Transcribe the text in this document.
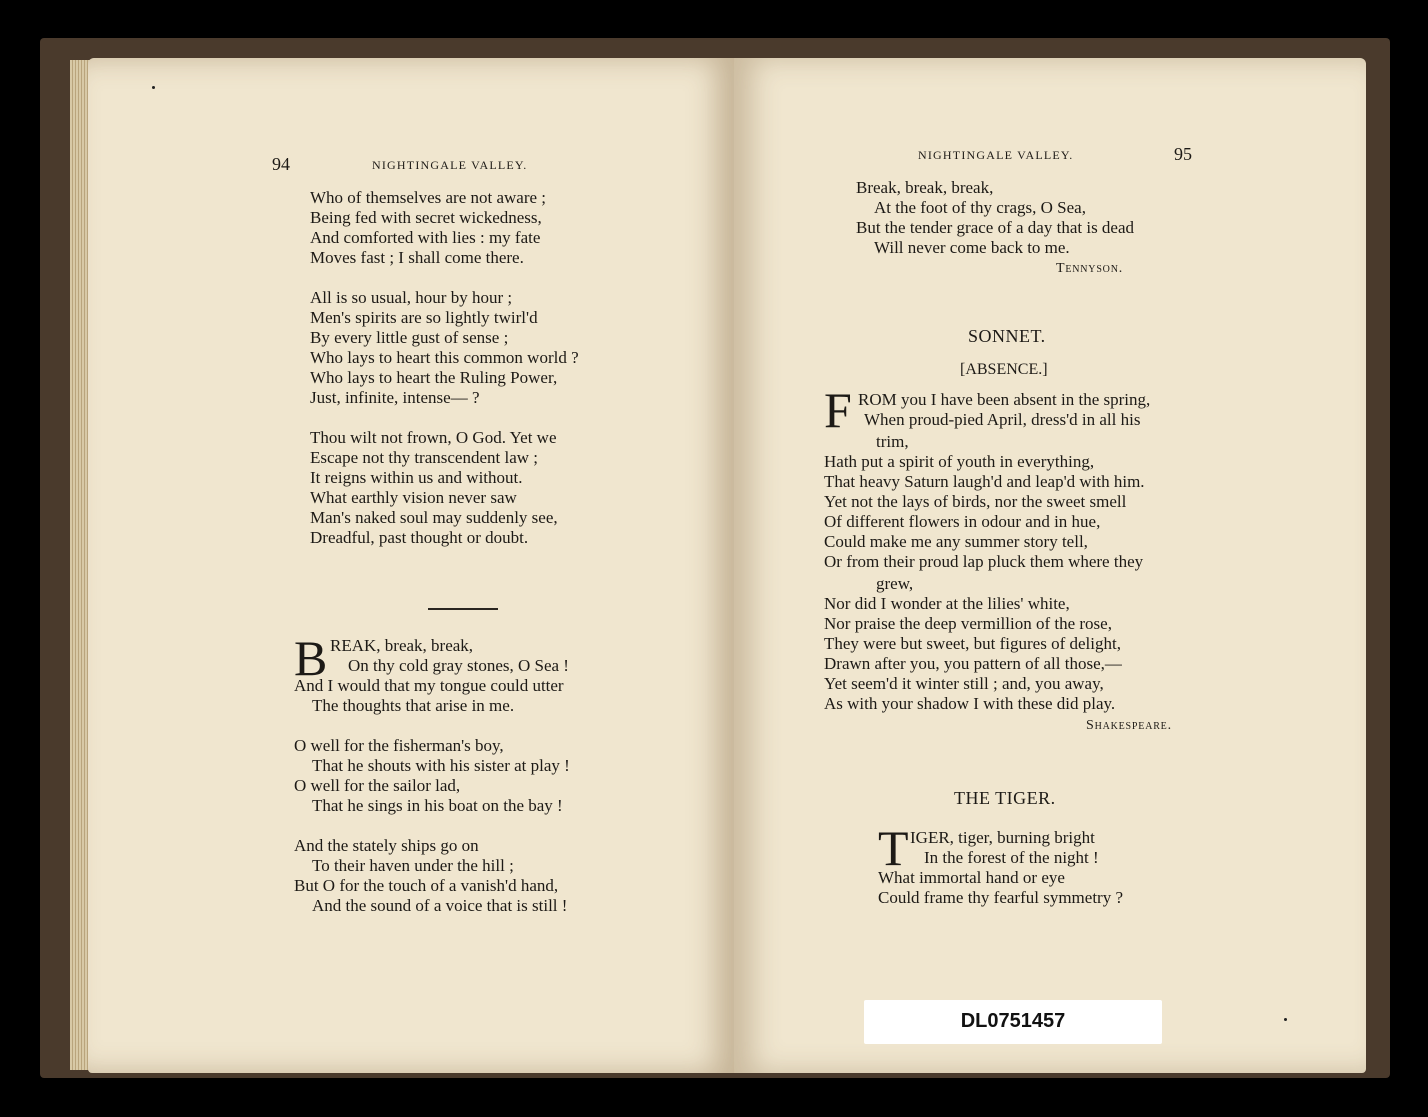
94	NIGHTINGALE VALLEY.
Who of themselves are not aware ;
Being fed with secret wickedness,
And comforted with lies : my fate
Moves fast ; I shall come there.
All is so usual, hour by hour ;
Men's spirits are so lightly twirl'd
By every little gust of sense ;
Who lays to heart this common world ?
Who lays to heart the Ruling Power,
Just, infinite, intense— ?
Thou wilt not frown, O God. Yet we
Escape not thy transcendent law ;
It reigns within us and without.
What earthly vision never saw
Man's naked soul may suddenly see,
Dreadful, past thought or doubt.
B REAK, break, break,
On thy cold gray stones, O Sea !
And I would that my tongue could utter
The thoughts that arise in me.
O well for the fisherman's boy,
That he shouts with his sister at play !
O well for the sailor lad,
That he sings in his boat on the bay !
And the stately ships go on
To their haven under the hill ;
But O for the touch of a vanish'd hand,
And the sound of a voice that is still !
NIGHTINGALE VALLEY.	95
Break, break, break,
At the foot of thy crags, O Sea,
But the tender grace of a day that is dead
Will never come back to me.
Tennyson.
SONNET.
[ABSENCE.]
F ROM you I have been absent in the spring,
When proud-pied April, dress'd in all his
trim,
Hath put a spirit of youth in everything,
That heavy Saturn laugh'd and leap'd with him.
Yet not the lays of birds, nor the sweet smell
Of different flowers in odour and in hue,
Could make me any summer story tell,
Or from their proud lap pluck them where they
grew,
Nor did I wonder at the lilies' white,
Nor praise the deep vermillion of the rose,
They were but sweet, but figures of delight,
Drawn after you, you pattern of all those,—
Yet seem'd it winter still ; and, you away,
As with your shadow I with these did play.
Shakespeare.
THE TIGER.
T IGER, tiger, burning bright
In the forest of the night !
What immortal hand or eye
Could frame thy fearful symmetry ?
DL0751457
